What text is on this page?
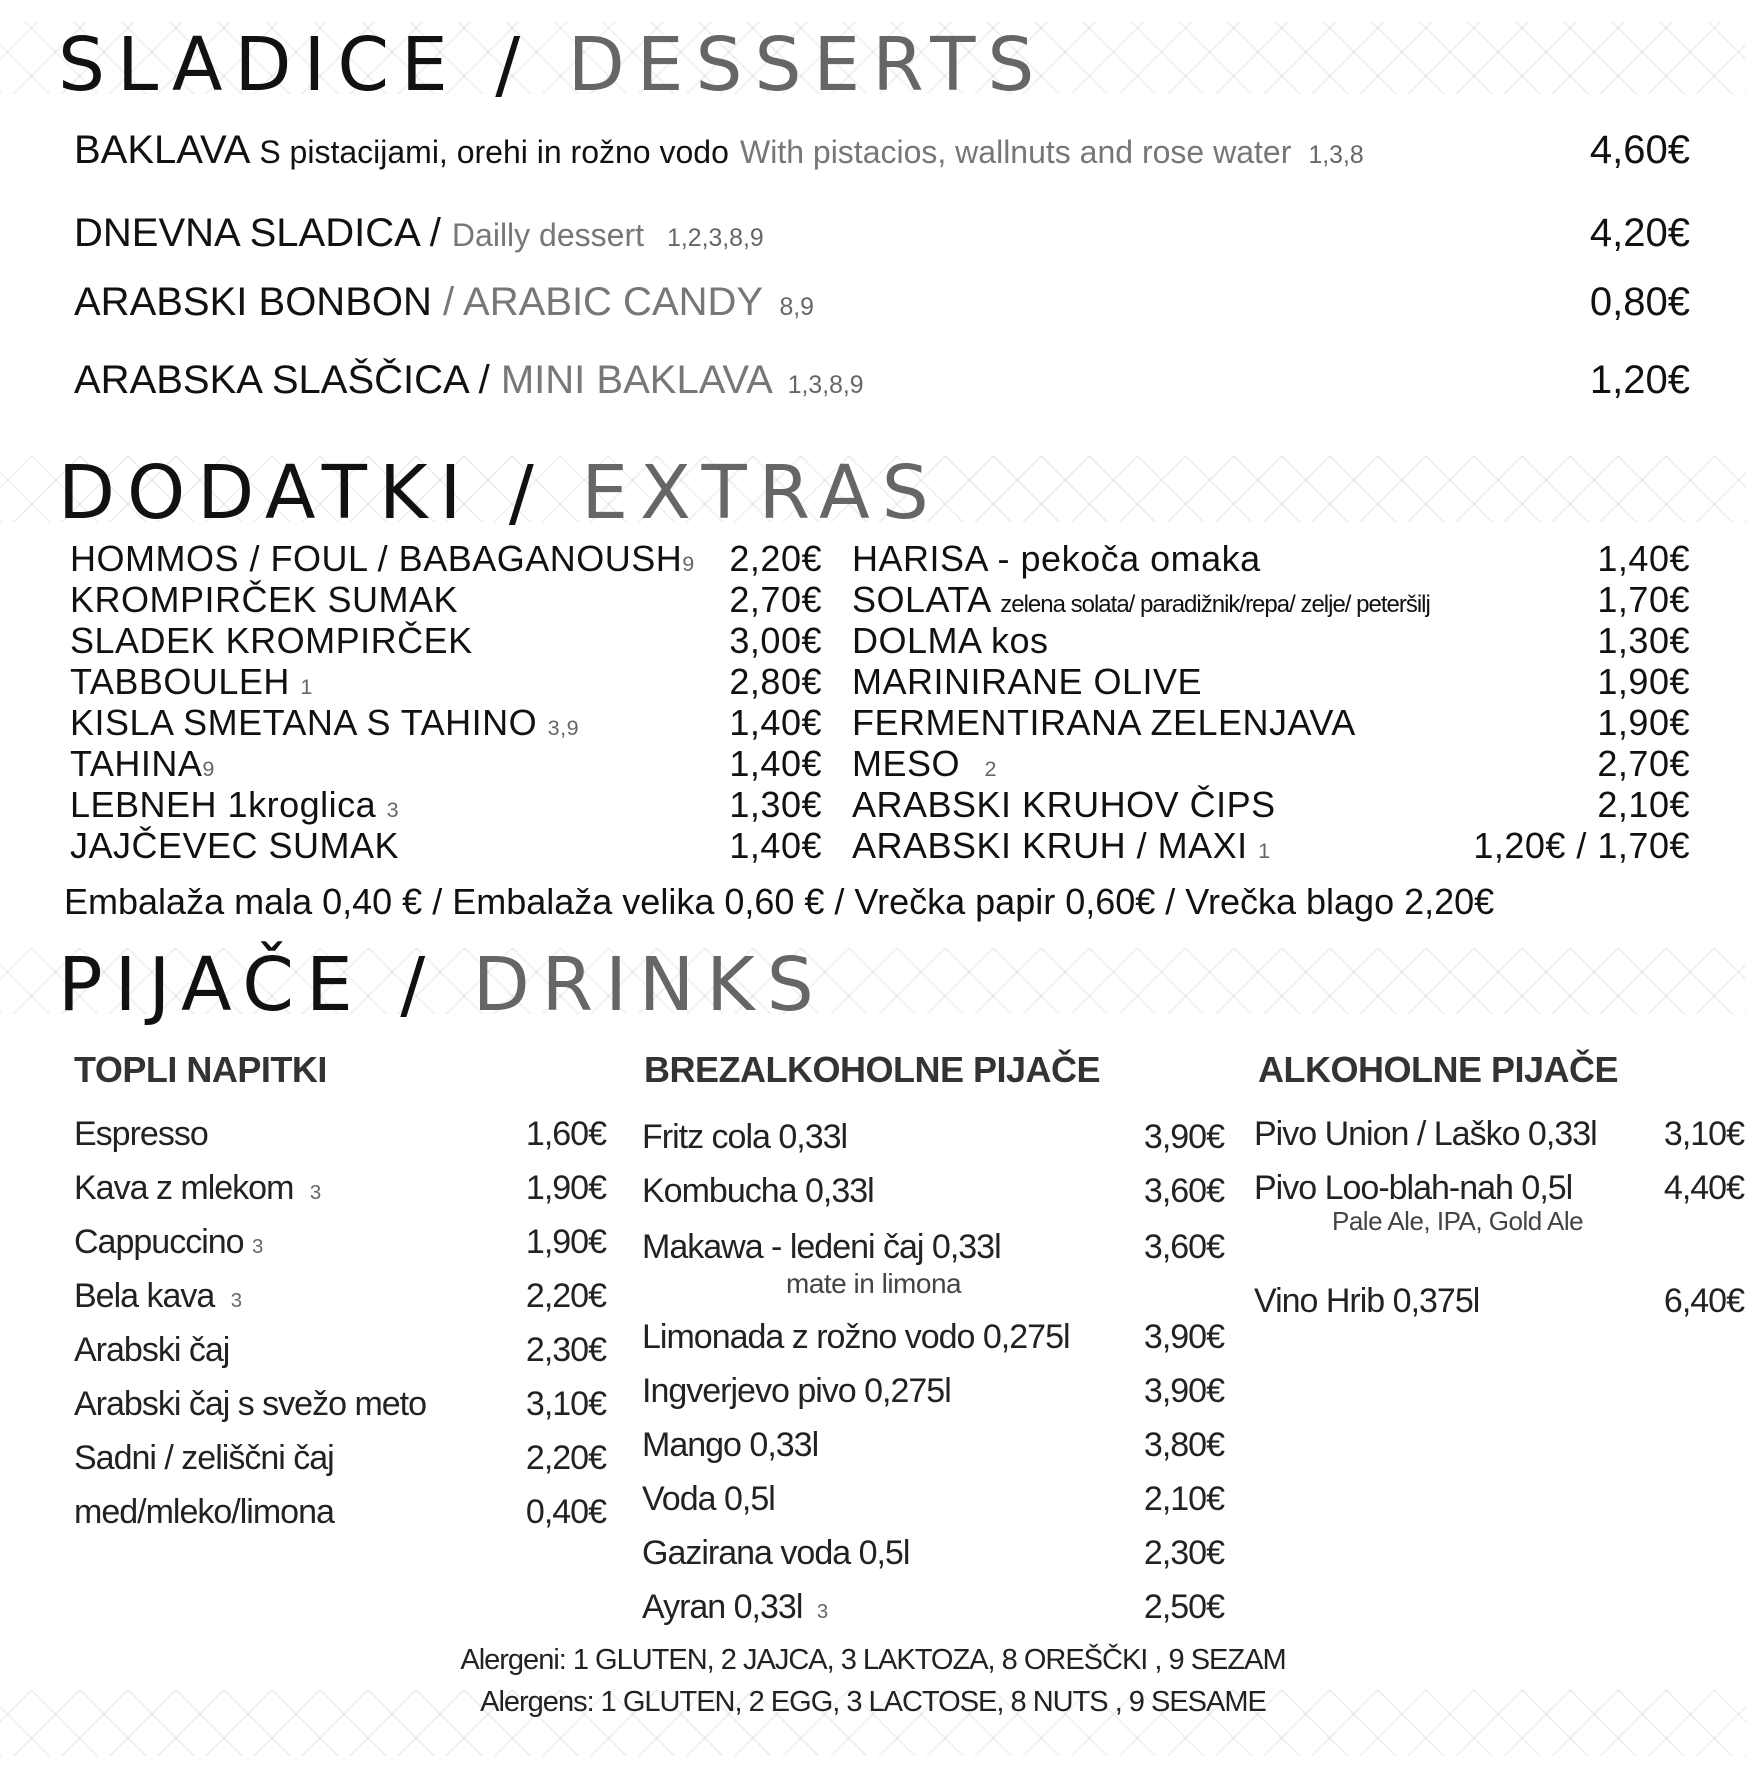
SLADICE / DESSERTS
BAKLAVA S pistacijami, orehi in rožno vodo With pistacios, wallnuts and rose water 1,3,8	4,60€
DNEVNA SLADICA / Dailly dessert 1,2,3,8,9	4,20€
ARABSKI BONBON / ARABIC CANDY 8,9	0,80€
ARABSKA SLAŠČICA / MINI BAKLAVA 1,3,8,9	1,20€
DODATKI / EXTRAS
HOMMOS / FOUL / BABAGANOUSH9 2,20€
KROMPIRČEK SUMAK	2,70€
SLADEK KROMPIRČEK	3,00€
TABBOULEH 1	2,80€
KISLA SMETANA S TAHINO 3,9	1,40€
TAHINA9	1,40€
LEBNEH 1kroglica 3	1,30€
JAJČEVEC SUMAK	1,40€
HARISA - pekoča omaka	1,40€
SOLATA zelena solata/ paradižnik/repa/ zelje/ peteršilj	1,70€
DOLMA kos	1,30€
MARINIRANE OLIVE	1,90€
FERMENTIRANA ZELENJAVA	1,90€
MESO 2	2,70€
ARABSKI KRUHOV ČIPS	2,10€
ARABSKI KRUH / MAXI 1	1,20€ / 1,70€
Embalaža mala 0,40 € / Embalaža velika 0,60 € / Vrečka papir 0,60€ / Vrečka blago 2,20€
PIJAČE / DRINKS
TOPLI NAPITKI
Espresso	1,60€
Kava z mlekom 3	1,90€
Cappuccino 3	1,90€
Bela kava 3	2,20€
Arabski čaj	2,30€
Arabski čaj s svežo meto	3,10€
Sadni / zeliščni čaj	2,20€
med/mleko/limona	0,40€
BREZALKOHOLNE PIJAČE
Fritz cola 0,33l	3,90€
Kombucha 0,33l	3,60€
Makawa - ledeni čaj 0,33l	3,60€
mate in limona
Limonada z rožno vodo 0,275l	3,90€
Ingverjevo pivo 0,275l	3,90€
Mango 0,33l	3,80€
Voda 0,5l	2,10€
Gazirana voda 0,5l	2,30€
Ayran 0,33l 3	2,50€
ALKOHOLNE PIJAČE
Pivo Union / Laško 0,33l	3,10€
Pivo Loo-blah-nah 0,5l	4,40€
Pale Ale, IPA, Gold Ale
Vino Hrib 0,375l	6,40€
Alergeni: 1 GLUTEN, 2 JAJCA, 3 LAKTOZA, 8 OREŠČKI , 9 SEZAM
Alergens: 1 GLUTEN, 2 EGG, 3 LACTOSE, 8 NUTS , 9 SESAME
